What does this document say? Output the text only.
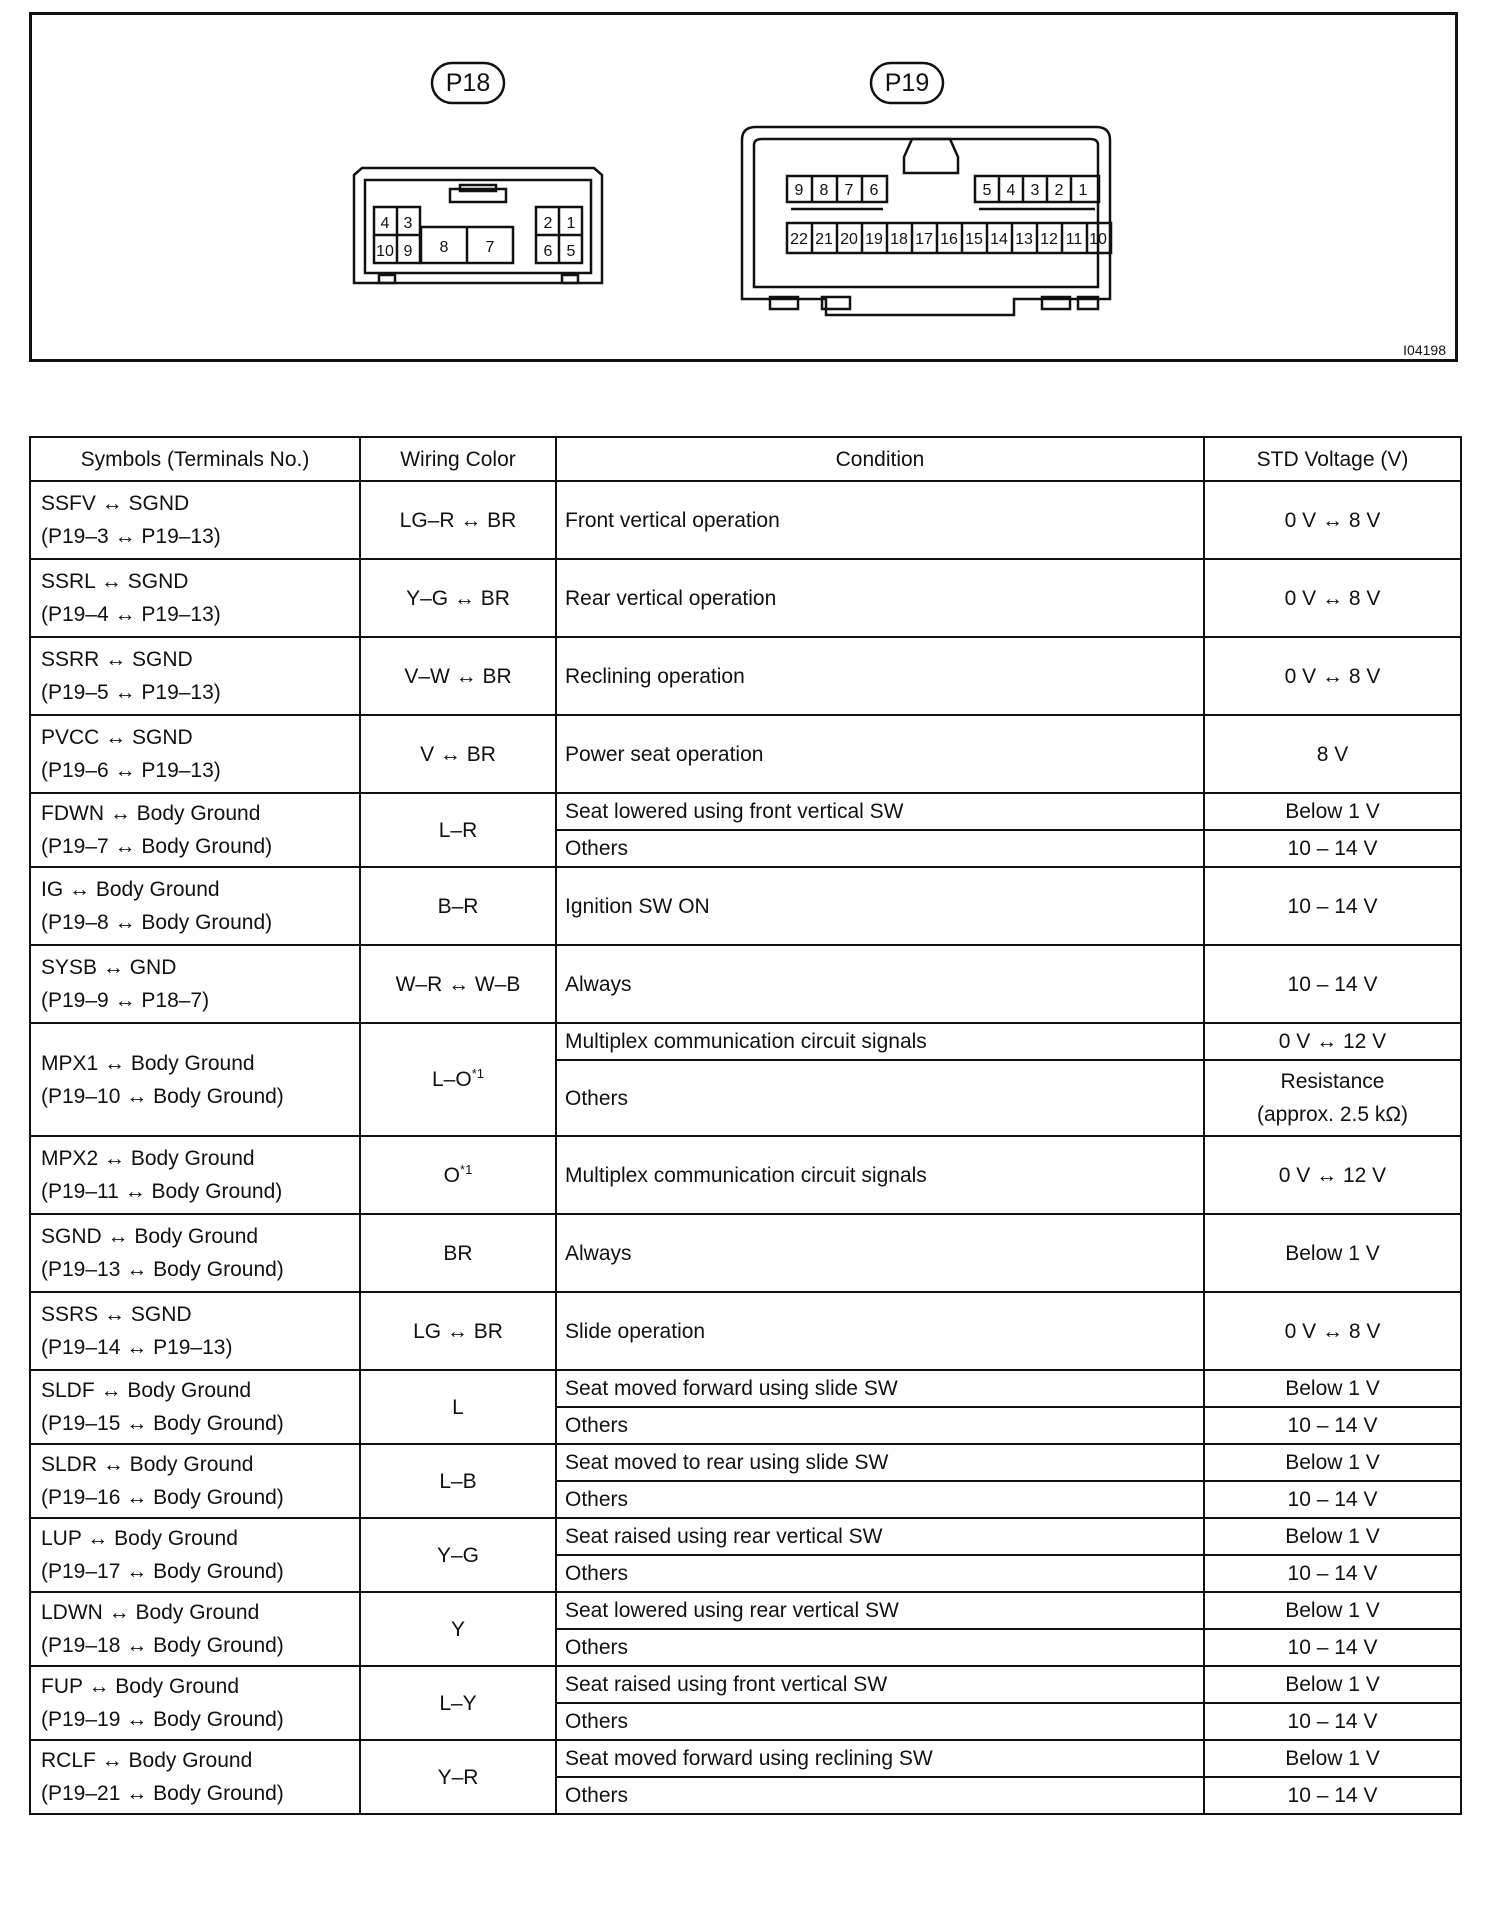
P18	P19
4 3
10 9 8 7
2 1
6 5
9 8 7 6	5 4 3 2 1
22 21 20 19 18 17 16 15 14 13 12 11 10
I04198
Symbols (Terminals No.)	Wiring Color	Condition	STD Voltage (V)

SSFV ↔ SGND
(P19–3 ↔ P19–13)	LG–R ↔ BR	Front vertical operation	0 V ↔ 8 V

SSRL ↔ SGND
(P19–4 ↔ P19–13)	Y–G ↔ BR	Rear vertical operation	0 V ↔ 8 V

SSRR ↔ SGND
(P19–5 ↔ P19–13)	V–W ↔ BR	Reclining operation	0 V ↔ 8 V

PVCC ↔ SGND
(P19–6 ↔ P19–13)	V ↔ BR	Power seat operation	8 V

FDWN ↔ Body Ground
(P19–7 ↔ Body Ground)	L–R	Seat lowered using front vertical SW	Below 1 V
		Others	10 – 14 V

IG ↔ Body Ground
(P19–8 ↔ Body Ground)	B–R	Ignition SW ON	10 – 14 V

SYSB ↔ GND
(P19–9 ↔ P18–7)	W–R ↔ W–B	Always	10 – 14 V

MPX1 ↔ Body Ground
(P19–10 ↔ Body Ground)	$L-O^{*1}$	Multiplex communication circuit signals	0 V ↔ 12 V
		Others	Resistance
(approx. 2.5 kΩ)

MPX2 ↔ Body Ground
(P19–11 ↔ Body Ground)	$O^{*1}$	Multiplex communication circuit signals	0 V ↔ 12 V

SGND ↔ Body Ground
(P19–13 ↔ Body Ground)	BR	Always	Below 1 V

SSRS ↔ SGND
(P19–14 ↔ P19–13)	LG ↔ BR	Slide operation	0 V ↔ 8 V

SLDF ↔ Body Ground
(P19–15 ↔ Body Ground)	L	Seat moved forward using slide SW	Below 1 V
		Others	10 – 14 V

SLDR ↔ Body Ground
(P19–16 ↔ Body Ground)	L–B	Seat moved to rear using slide SW	Below 1 V
		Others	10 – 14 V

LUP ↔ Body Ground
(P19–17 ↔ Body Ground)	Y–G	Seat raised using rear vertical SW	Below 1 V
		Others	10 – 14 V

LDWN ↔ Body Ground
(P19–18 ↔ Body Ground)	Y	Seat lowered using rear vertical SW	Below 1 V
		Others	10 – 14 V

FUP ↔ Body Ground
(P19–19 ↔ Body Ground)	L–Y	Seat raised using front vertical SW	Below 1 V
		Others	10 – 14 V

RCLF ↔ Body Ground
(P19–21 ↔ Body Ground)	Y–R	Seat moved forward using reclining SW	Below 1 V
		Others	10 – 14 V
